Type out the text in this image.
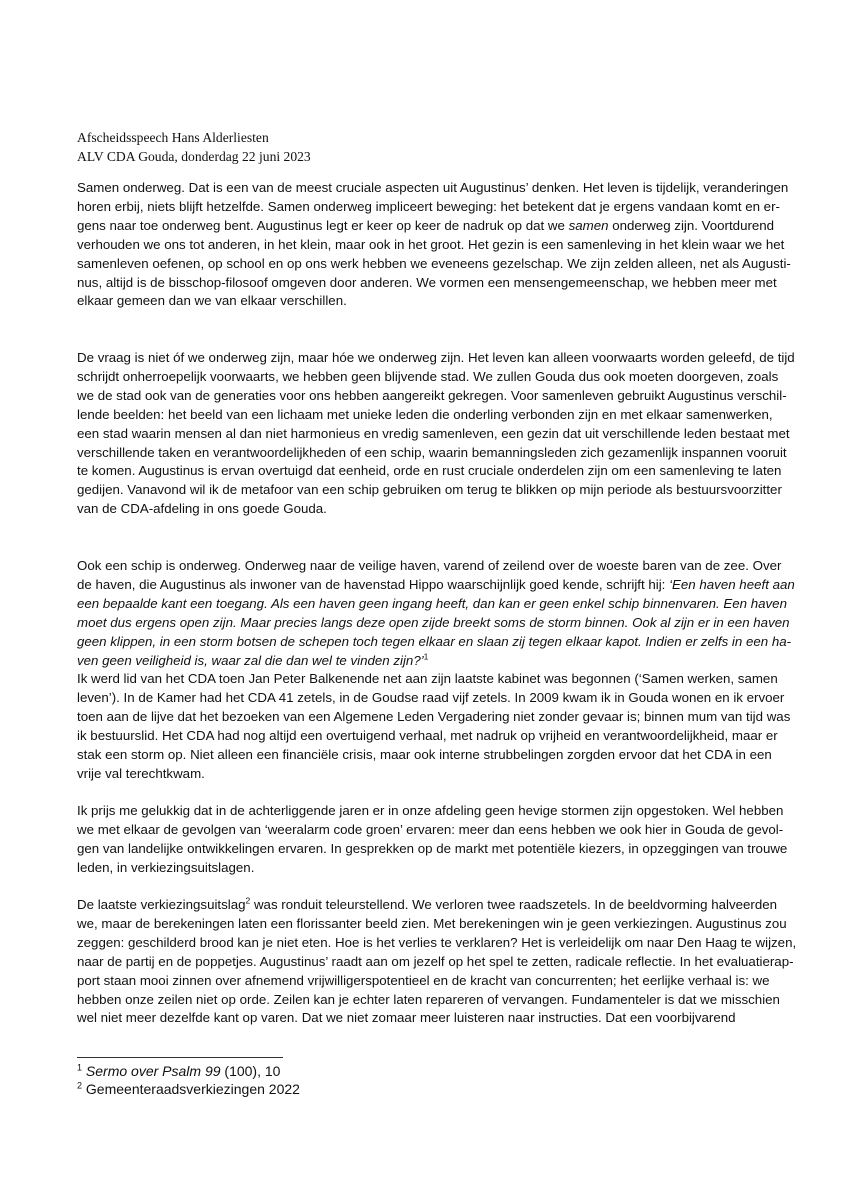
Afscheidsspeech Hans Alderliesten
ALV CDA Gouda, donderdag 22 juni 2023
Samen onderweg. Dat is een van de meest cruciale aspecten uit Augustinus’ denken. Het leven is tijdelijk, veranderingen
horen erbij, niets blijft hetzelfde. Samen onderweg impliceert beweging: het betekent dat je ergens vandaan komt en er-
gens naar toe onderweg bent. Augustinus legt er keer op keer de nadruk op dat we samen onderweg zijn. Voortdurend
verhouden we ons tot anderen, in het klein, maar ook in het groot. Het gezin is een samenleving in het klein waar we het
samenleven oefenen, op school en op ons werk hebben we eveneens gezelschap. We zijn zelden alleen, net als Augusti-
nus, altijd is de bisschop-filosoof omgeven door anderen. We vormen een mensengemeenschap, we hebben meer met
elkaar gemeen dan we van elkaar verschillen.
De vraag is niet óf we onderweg zijn, maar hóe we onderweg zijn. Het leven kan alleen voorwaarts worden geleefd, de tijd
schrijdt onherroepelijk voorwaarts, we hebben geen blijvende stad. We zullen Gouda dus ook moeten doorgeven, zoals
we de stad ook van de generaties voor ons hebben aangereikt gekregen. Voor samenleven gebruikt Augustinus verschil-
lende beelden: het beeld van een lichaam met unieke leden die onderling verbonden zijn en met elkaar samenwerken,
een stad waarin mensen al dan niet harmonieus en vredig samenleven, een gezin dat uit verschillende leden bestaat met
verschillende taken en verantwoordelijkheden of een schip, waarin bemanningsleden zich gezamenlijk inspannen vooruit
te komen. Augustinus is ervan overtuigd dat eenheid, orde en rust cruciale onderdelen zijn om een samenleving te laten
gedijen. Vanavond wil ik de metafoor van een schip gebruiken om terug te blikken op mijn periode als bestuursvoorzitter
van de CDA-afdeling in ons goede Gouda.
Ook een schip is onderweg. Onderweg naar de veilige haven, varend of zeilend over de woeste baren van de zee. Over
de haven, die Augustinus als inwoner van de havenstad Hippo waarschijnlijk goed kende, schrijft hij: ‘Een haven heeft aan
een bepaalde kant een toegang. Als een haven geen ingang heeft, dan kan er geen enkel schip binnenvaren. Een haven
moet dus ergens open zijn. Maar precies langs deze open zijde breekt soms de storm binnen. Ook al zijn er in een haven
geen klippen, in een storm botsen de schepen toch tegen elkaar en slaan zij tegen elkaar kapot. Indien er zelfs in een ha-
ven geen veiligheid is, waar zal die dan wel te vinden zijn?’$^1$
Ik werd lid van het CDA toen Jan Peter Balkenende net aan zijn laatste kabinet was begonnen (‘Samen werken, samen
leven’). In de Kamer had het CDA 41 zetels, in de Goudse raad vijf zetels. In 2009 kwam ik in Gouda wonen en ik ervoer
toen aan de lijve dat het bezoeken van een Algemene Leden Vergadering niet zonder gevaar is; binnen mum van tijd was
ik bestuurslid. Het CDA had nog altijd een overtuigend verhaal, met nadruk op vrijheid en verantwoordelijkheid, maar er
stak een storm op. Niet alleen een financiële crisis, maar ook interne strubbelingen zorgden ervoor dat het CDA in een
vrije val terechtkwam.
Ik prijs me gelukkig dat in de achterliggende jaren er in onze afdeling geen hevige stormen zijn opgestoken. Wel hebben
we met elkaar de gevolgen van ‘weeralarm code groen’ ervaren: meer dan eens hebben we ook hier in Gouda de gevol-
gen van landelijke ontwikkelingen ervaren. In gesprekken op de markt met potentiële kiezers, in opzeggingen van trouwe
leden, in verkiezingsuitslagen.
De laatste verkiezingsuitslag$^2$ was ronduit teleurstellend. We verloren twee raadszetels. In de beeldvorming halveerden
we, maar de berekeningen laten een florissanter beeld zien. Met berekeningen win je geen verkiezingen. Augustinus zou
zeggen: geschilderd brood kan je niet eten. Hoe is het verlies te verklaren? Het is verleidelijk om naar Den Haag te wijzen,
naar de partij en de poppetjes. Augustinus’ raadt aan om jezelf op het spel te zetten, radicale reflectie. In het evaluatierap-
port staan mooi zinnen over afnemend vrijwilligerspotentieel en de kracht van concurrenten; het eerlijke verhaal is: we
hebben onze zeilen niet op orde. Zeilen kan je echter laten repareren of vervangen. Fundamenteler is dat we misschien
wel niet meer dezelfde kant op varen. Dat we niet zomaar meer luisteren naar instructies. Dat een voorbijvarend
$^1$ Sermo over Psalm 99 (100), 10
$^2$ Gemeenteraadsverkiezingen 2022
